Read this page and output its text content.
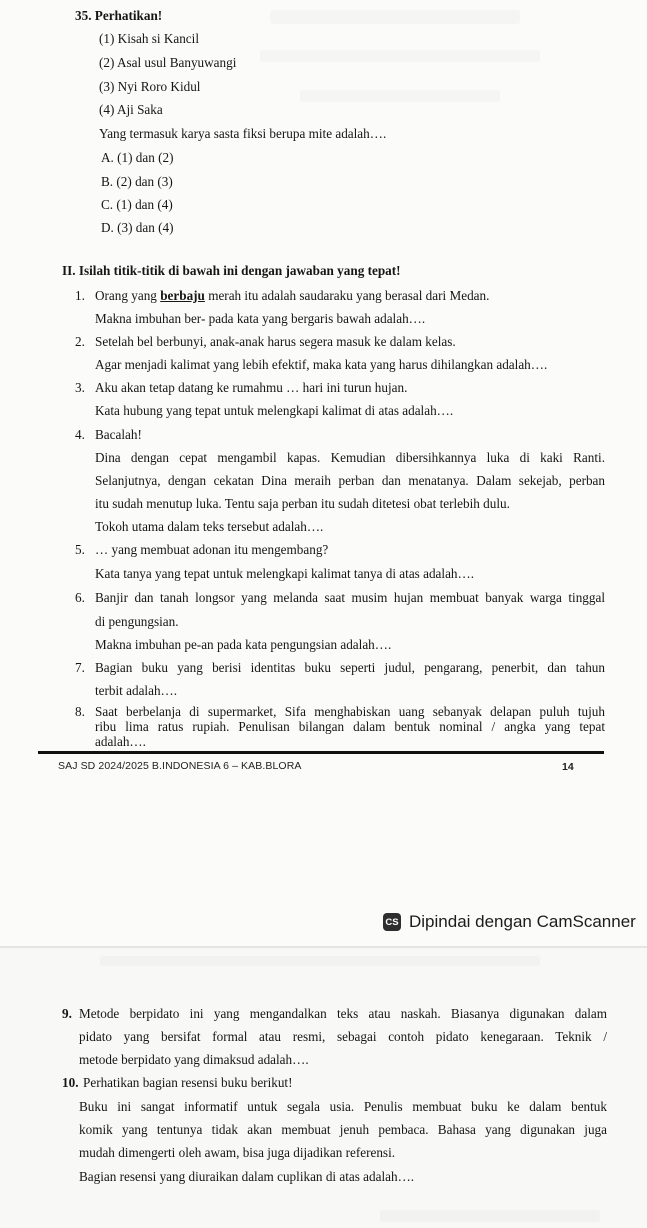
35. Perhatikan!
(1) Kisah si Kancil
(2) Asal usul Banyuwangi
(3) Nyi Roro Kidul
(4) Aji Saka
Yang termasuk karya sasta fiksi berupa mite adalah….
A. (1) dan (2)
B. (2) dan (3)
C. (1) dan (4)
D. (3) dan (4)
II. Isilah titik-titik di bawah ini dengan jawaban yang tepat!
1. Orang yang berbaju merah itu adalah saudaraku yang berasal dari Medan.
Makna imbuhan ber- pada kata yang bergaris bawah adalah….
2. Setelah bel berbunyi, anak-anak harus segera masuk ke dalam kelas.
Agar menjadi kalimat yang lebih efektif, maka kata yang harus dihilangkan adalah….
3. Aku akan tetap datang ke rumahmu … hari ini turun hujan.
Kata hubung yang tepat untuk melengkapi kalimat di atas adalah….
4. Bacalah!
Dina dengan cepat mengambil kapas. Kemudian dibersihkannya luka di kaki Ranti.
Selanjutnya, dengan cekatan Dina meraih perban dan menatanya. Dalam sekejab, perban
itu sudah menutup luka. Tentu saja perban itu sudah ditetesi obat terlebih dulu.
Tokoh utama dalam teks tersebut adalah….
5. … yang membuat adonan itu mengembang?
Kata tanya yang tepat untuk melengkapi kalimat tanya di atas adalah….
6. Banjir dan tanah longsor yang melanda saat musim hujan membuat banyak warga tinggal
di pengungsian.
Makna imbuhan pe-an pada kata pengungsian adalah….
7. Bagian buku yang berisi identitas buku seperti judul, pengarang, penerbit, dan tahun
terbit adalah….
8. Saat berbelanja di supermarket, Sifa menghabiskan uang sebanyak delapan puluh tujuh
ribu lima ratus rupiah. Penulisan bilangan dalam bentuk nominal / angka yang tepat
SAJ SD 2024/2025 B.INDONESIA 6 – KAB.BLORA	14
CS Dipindai dengan CamScanner
adalah….
9. Metode berpidato ini yang mengandalkan teks atau naskah. Biasanya digunakan dalam
pidato yang bersifat formal atau resmi, sebagai contoh pidato kenegaraan. Teknik /
metode berpidato yang dimaksud adalah….
10. Perhatikan bagian resensi buku berikut!
Buku ini sangat informatif untuk segala usia. Penulis membuat buku ke dalam bentuk
komik yang tentunya tidak akan membuat jenuh pembaca. Bahasa yang digunakan juga
mudah dimengerti oleh awam, bisa juga dijadikan referensi.
Bagian resensi yang diuraikan dalam cuplikan di atas adalah….
